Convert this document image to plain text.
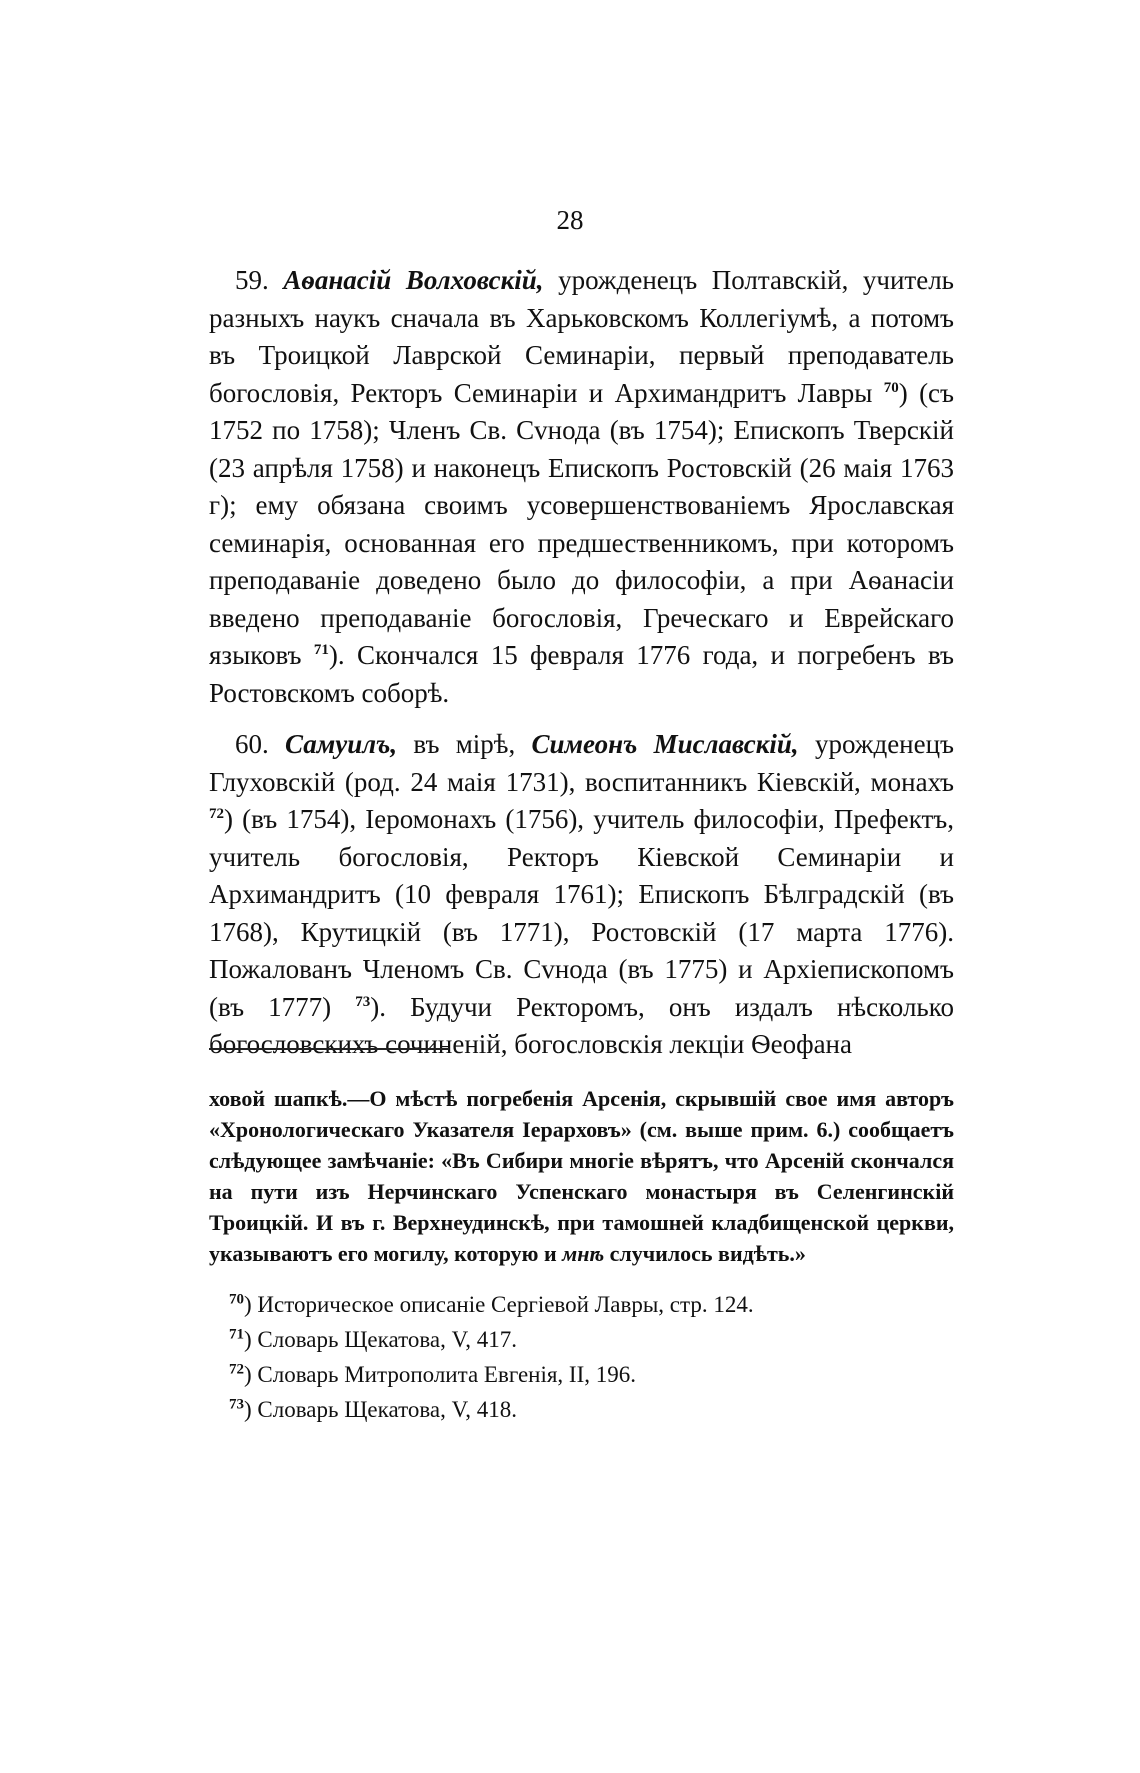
28

59. Аѳанасій Волховскій, урожденецъ Полтавскій, учитель разныхъ наукъ сначала въ Харьковскомъ Коллегіумѣ, а потомъ въ Троицкой Лаврской Семинаріи, первый преподаватель богословія, Ректоръ Семинаріи и Архимандритъ Лавры $^{70}$) (съ 1752 по 1758); Членъ Св. Сvнода (въ 1754); Епископъ Тверскій (23 апрѣля 1758) и наконецъ Епископъ Ростовскій (26 маія 1763 г); ему обязана своимъ усовершенствованіемъ Ярославская семинарія, основанная его предшественникомъ, при которомъ преподаваніе доведено было до философіи, а при Аѳанасіи введено преподаваніе богословія, Греческаго и Еврейскаго языковъ $^{71}$). Скончался 15 февраля 1776 года, и погребенъ въ Ростовскомъ соборѣ.

60. Самуилъ, въ мірѣ, Симеонъ Миславскій, урожденецъ Глуховскій (род. 24 маія 1731), воспитанникъ Кіевскій, монахъ $^{72}$) (въ 1754), Іеромонахъ (1756), учитель философіи, Префектъ, учитель богословія, Ректоръ Кіевской Семинаріи и Архимандритъ (10 февраля 1761); Епископъ Бѣлградскій (въ 1768), Крутицкій (въ 1771), Ростовскій (17 марта 1776). Пожалованъ Членомъ Св. Сvнода (въ 1775) и Архіепископомъ (въ 1777) $^{73}$). Будучи Ректоромъ, онъ издалъ нѣсколько богословскихъ сочиненій, богословскія лекціи Ѳеофана

ховой шапкѣ.—О мѣстѣ погребенія Арсенія, скрывшій свое имя авторъ «Хронологическаго Указателя Іерарховъ» (см. выше прим. 6.) сообщаетъ слѣдующее замѣчаніе: «Въ Сибири многіе вѣрятъ, что Арсеній скончался на пути изъ Нерчинскаго Успенскаго монастыря въ Селенгинскій Троицкій. И въ г. Верхнеудинскѣ, при тамошней кладбищенской церкви, указываютъ его могилу, которую и мнѣ случилось видѣть.»

$^{70}$) Историческое описаніе Сергіевой Лавры, стр. 124.

$^{71}$) Словарь Щекатова, V, 417.

$^{72}$) Словарь Митрополита Евгенія, II, 196.

$^{73}$) Словарь Щекатова, V, 418.
